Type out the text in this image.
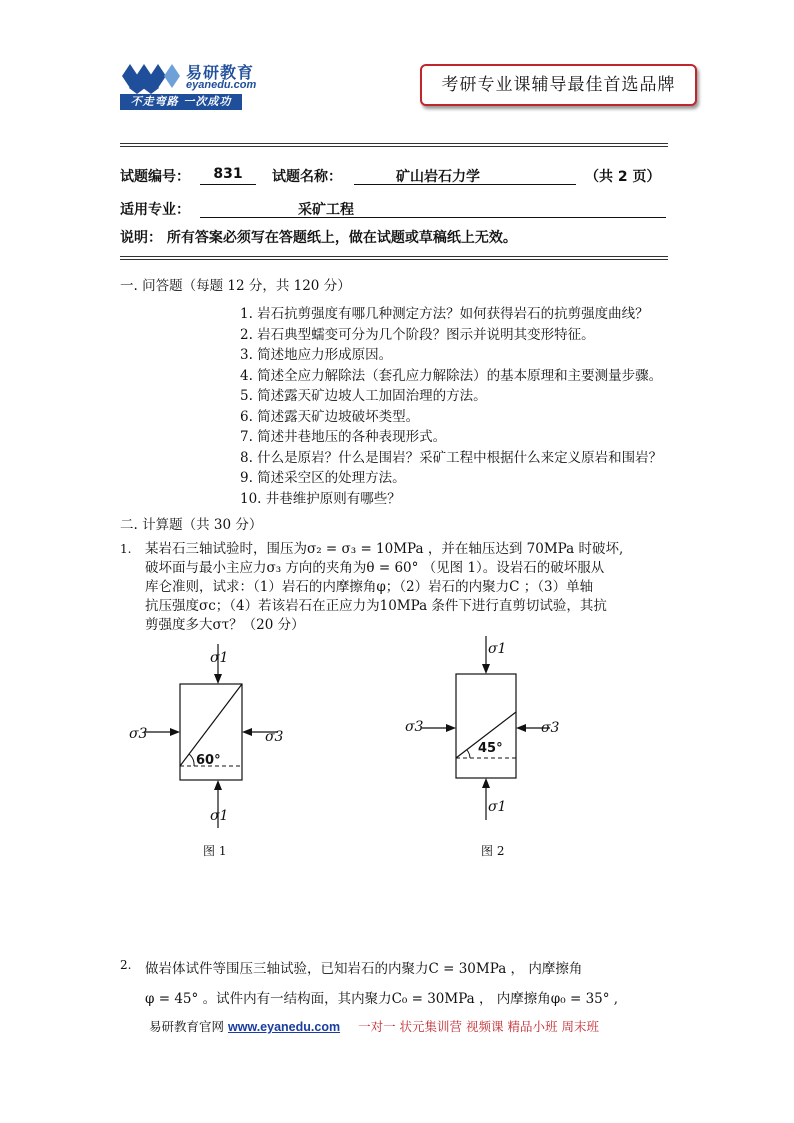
易研教育
eyanedu.com
不走弯路 一次成功
考研专业课辅导最佳首选品牌
试题编号：	831	试题名称：	矿山岩石力学	（共 2 页）
适用专业：	采矿工程
说明： 所有答案必须写在答题纸上，做在试题或草稿纸上无效。
一. 问答题（每题 12 分，共 120 分）
1. 岩石抗剪强度有哪几种测定方法？如何获得岩石的抗剪强度曲线？
2. 岩石典型蠕变可分为几个阶段？图示并说明其变形特征。
3. 简述地应力形成原因。
4. 简述全应力解除法（套孔应力解除法）的基本原理和主要测量步骤。
5. 简述露天矿边坡人工加固治理的方法。
6. 简述露天矿边坡破坏类型。
7. 简述井巷地压的各种表现形式。
8. 什么是原岩？什么是围岩？采矿工程中根据什么来定义原岩和围岩？
9. 简述采空区的处理方法。
10. 井巷维护原则有哪些？
二. 计算题（共 30 分）
1. 某岩石三轴试验时，围压为σ₂ = σ₃ = 10MPa ，并在轴压达到 70MPa 时破坏,
破坏面与最小主应力σ₃ 方向的夹角为θ = 60° （见图 1）。设岩石的破坏服从
库仑准则，试求：（1）岩石的内摩擦角φ；（2）岩石的内聚力C ；（3）单轴
抗压强度σc；（4）若该岩石在正应力为10MPa 条件下进行直剪切试验，其抗
剪强度多大στ？（20 分）
σ1
σ3	σ3
60°
σ1
图 1
σ1
σ3	σ3
45°
σ1
图 2
2. 做岩体试件等围压三轴试验，已知岩石的内聚力C = 30MPa ， 内摩擦角
φ = 45° 。试件内有一结构面，其内聚力C₀ = 30MPa ， 内摩擦角φ₀ = 35° ,
易研教育官网 www.eyanedu.com 一对一 状元集训营 视频课 精品小班 周末班
